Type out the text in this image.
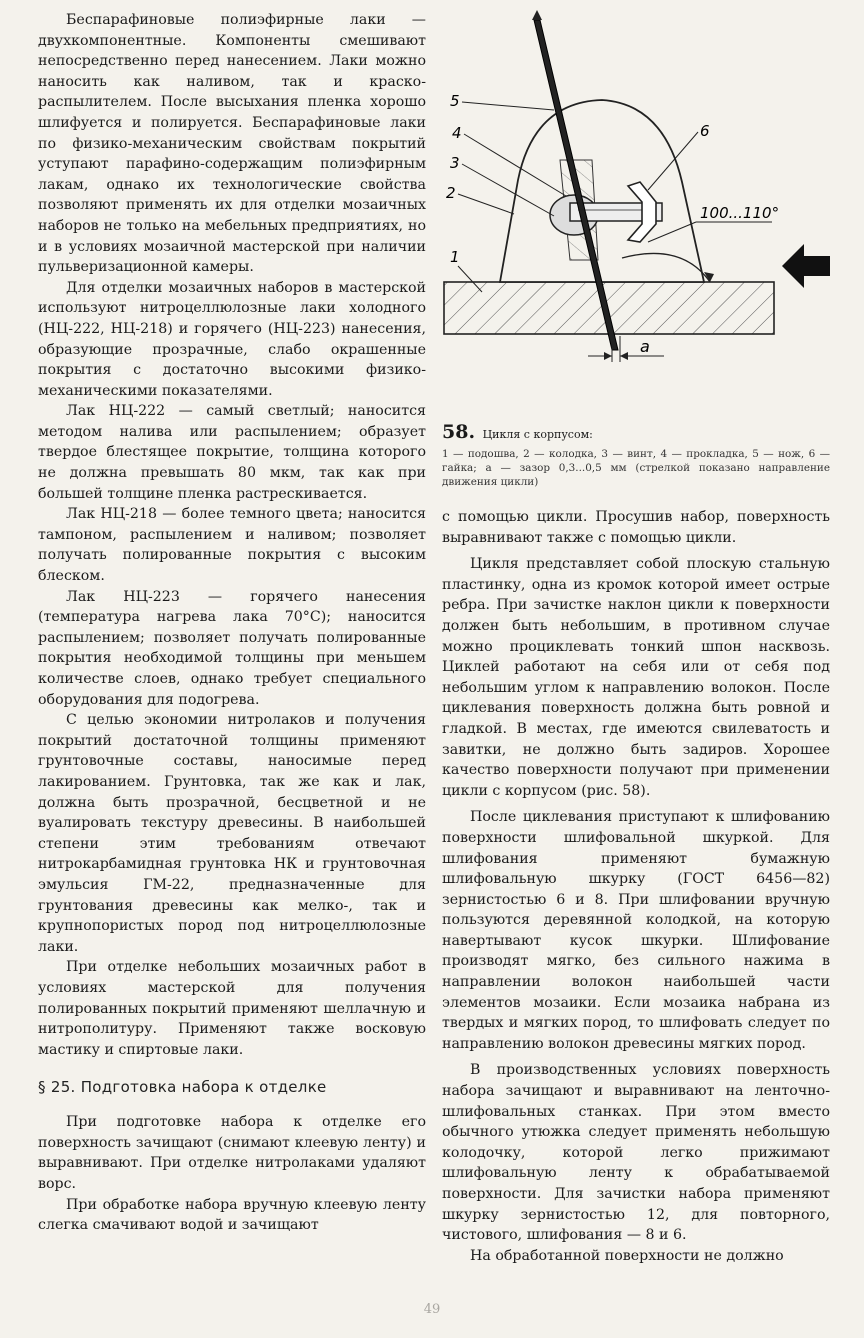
Беспарафиновые полиэфирные лаки — двухкомпонентные. Компоненты смешивают непосредственно перед нанесением. Лаки можно наносить как наливом, так и краско-распылителем. После высыхания пленка хорошо шлифуется и полируется. Беспарафиновые лаки по физико-механическим свойствам покрытий уступают парафино-содержащим полиэфирным лакам, однако их технологические свойства позволяют применять их для отделки мозаичных наборов не только на мебельных предприятиях, но и в условиях мозаичной мастерской при наличии пульверизационной камеры.

Для отделки мозаичных наборов в мастерской используют нитроцеллюлозные лаки холодного (НЦ-222, НЦ-218) и горячего (НЦ-223) нанесения, образующие прозрачные, слабо окрашенные покрытия с достаточно высокими физико-механическими показателями.

Лак НЦ-222 — самый светлый; наносится методом налива или распылением; образует твердое блестящее покрытие, толщина которого не должна превышать 80 мкм, так как при большей толщине пленка растрескивается.

Лак НЦ-218 — более темного цвета; наносится тампоном, распылением и наливом; позволяет получать полированные покрытия с высоким блеском.

Лак НЦ-223 — горячего нанесения (температура нагрева лака 70°С); наносится распылением; позволяет получать полированные покрытия необходимой толщины при меньшем количестве слоев, однако требует специального оборудования для подогрева.

С целью экономии нитролаков и получения покрытий достаточной толщины применяют грунтовочные составы, наносимые перед лакированием. Грунтовка, так же как и лак, должна быть прозрачной, бесцветной и не вуалировать текстуру древесины. В наибольшей степени этим требованиям отвечают нитрокарбамидная грунтовка НК и грунтовочная эмульсия ГМ-22, предназначенные для грунтования древесины как мелко-, так и крупнопористых пород под нитроцеллюлозные лаки.

При отделке небольших мозаичных работ в условиях мастерской для получения полированных покрытий применяют шеллачную и нитрополитуру. Применяют также восковую мастику и спиртовые лаки.

§ 25. Подготовка набора к отделке

При подготовке набора к отделке его поверхность зачищают (снимают клеевую ленту) и выравнивают. При отделке нитролаками удаляют ворс.

При обработке набора вручную клеевую ленту слегка смачивают водой и зачищают

100...110°
a
5
4
3
2
1
6
58. Цикля с корпусом:
1 — подошва, 2 — колодка, 3 — винт, 4 — прокладка, 5 — нож, 6 — гайка; а — зазор 0,3...0,5 мм (стрелкой показано направление движения цикли)

с помощью цикли. Просушив набор, поверхность выравнивают также с помощью цикли.

Цикля представляет собой плоскую стальную пластинку, одна из кромок которой имеет острые ребра. При зачистке наклон цикли к поверхности должен быть небольшим, в противном случае можно проциклевать тонкий шпон насквозь. Циклей работают на себя или от себя под небольшим углом к направлению волокон. После циклевания поверхность должна быть ровной и гладкой. В местах, где имеются свилеватость и завитки, не должно быть задиров. Хорошее качество поверхности получают при применении цикли с корпусом (рис. 58).

После циклевания приступают к шлифованию поверхности шлифовальной шкуркой. Для шлифования применяют бумажную шлифовальную шкурку (ГОСТ 6456—82) зернистостью 6 и 8. При шлифовании вручную пользуются деревянной колодкой, на которую навертывают кусок шкурки. Шлифование производят мягко, без сильного нажима в направлении волокон наибольшей части элементов мозаики. Если мозаика набрана из твердых и мягких пород, то шлифовать следует по направлению волокон древесины мягких пород.

В производственных условиях поверхность набора зачищают и выравнивают на ленточно-шлифовальных станках. При этом вместо обычного утюжка следует применять небольшую колодочку, которой легко прижимают шлифовальную ленту к обрабатываемой поверхности. Для зачистки набора применяют шкурку зернистостью 12, для повторного, чистового, шлифования — 8 и 6.

На обработанной поверхности не должно

49
